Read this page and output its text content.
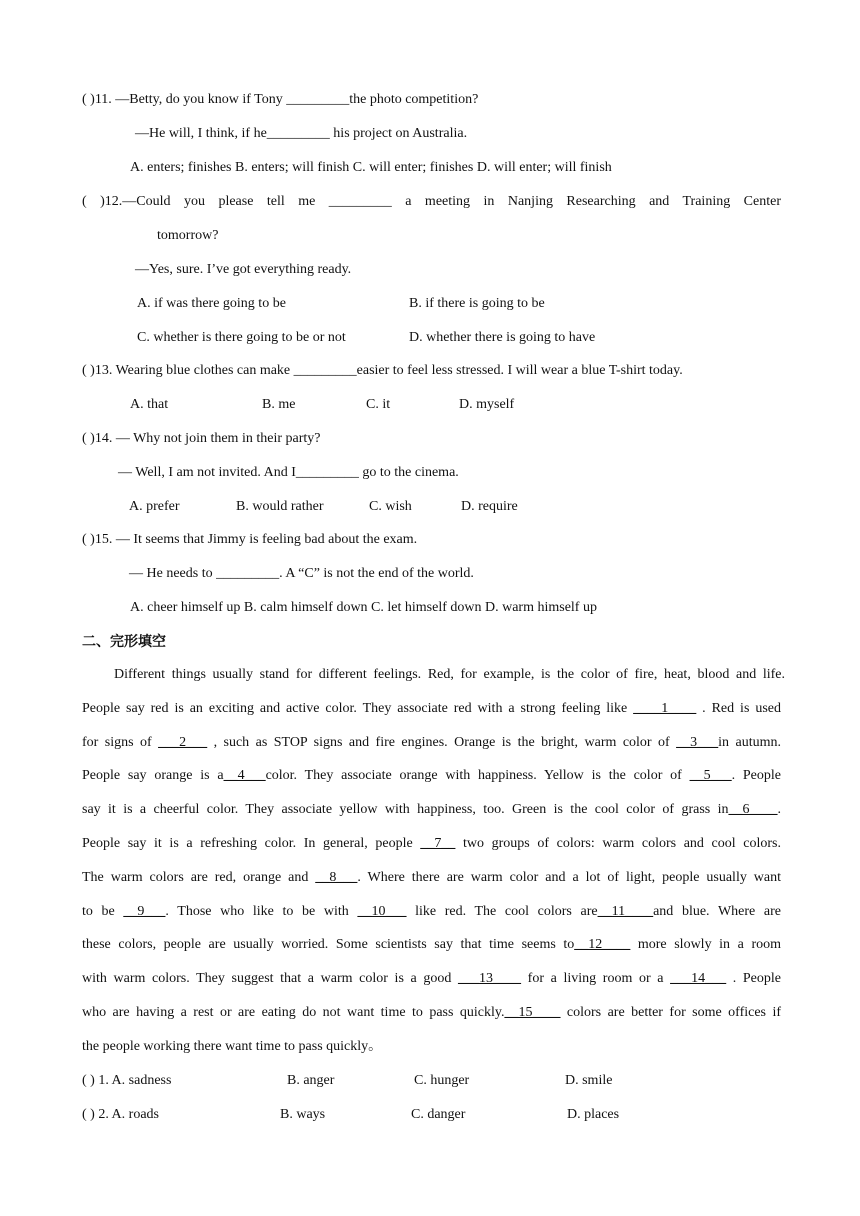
( )11. —Betty, do you know if Tony _________the photo competition?
—He will, I think, if he_________ his project on Australia.
A. enters; finishes B. enters; will finish C. will enter; finishes D. will enter; will finish
( )12.—Could you please tell me _________ a meeting in Nanjing Researching and Training Center
tomorrow?
—Yes, sure. I’ve got everything ready.
A. if was there going to be	B. if there is going to be
C. whether is there going to be or not	D. whether there is going to have
( )13. Wearing blue clothes can make _________easier to feel less stressed. I will wear a blue T-shirt today.
A. that	B. me	C. it	D. myself
( )14. — Why not join them in their party?
— Well, I am not invited. And I_________ go to the cinema.
A. prefer	B. would rather	C. wish	D. require
( )15. — It seems that Jimmy is feeling bad about the exam.
— He needs to _________. A “C” is not the end of the world.
A. cheer himself up B. calm himself down C. let himself down D. warm himself up
二、完形填空
Different things usually stand for different feelings. Red, for example, is the color of fire, heat, blood and life.
People say red is an exciting and active color. They associate red with a strong feeling like ____1____ . Red is used
for signs of ___2___ , such as STOP signs and fire engines. Orange is the bright, warm color of __3___in autumn.
People say orange is a__4___color. They associate orange with happiness. Yellow is the color of __5___. People
say it is a cheerful color. They associate yellow with happiness, too. Green is the cool color of grass in__6____.
People say it is a refreshing color. In general, people __7__ two groups of colors: warm colors and cool colors.
The warm colors are red, orange and __8___. Where there are warm color and a lot of light, people usually want
to be __9___. Those who like to be with __10___ like red. The cool colors are__11____and blue. Where are
these colors, people are usually worried. Some scientists say that time seems to__12____ more slowly in a room
with warm colors. They suggest that a warm color is a good ___13____ for a living room or a ___14___ . People
who are having a rest or are eating do not want time to pass quickly.__15____ colors are better for some offices if
the people working there want time to pass quickly。
( ) 1. A. sadness	B. anger	C. hunger	D. smile
( ) 2. A. roads	B. ways	C. danger	D. places
